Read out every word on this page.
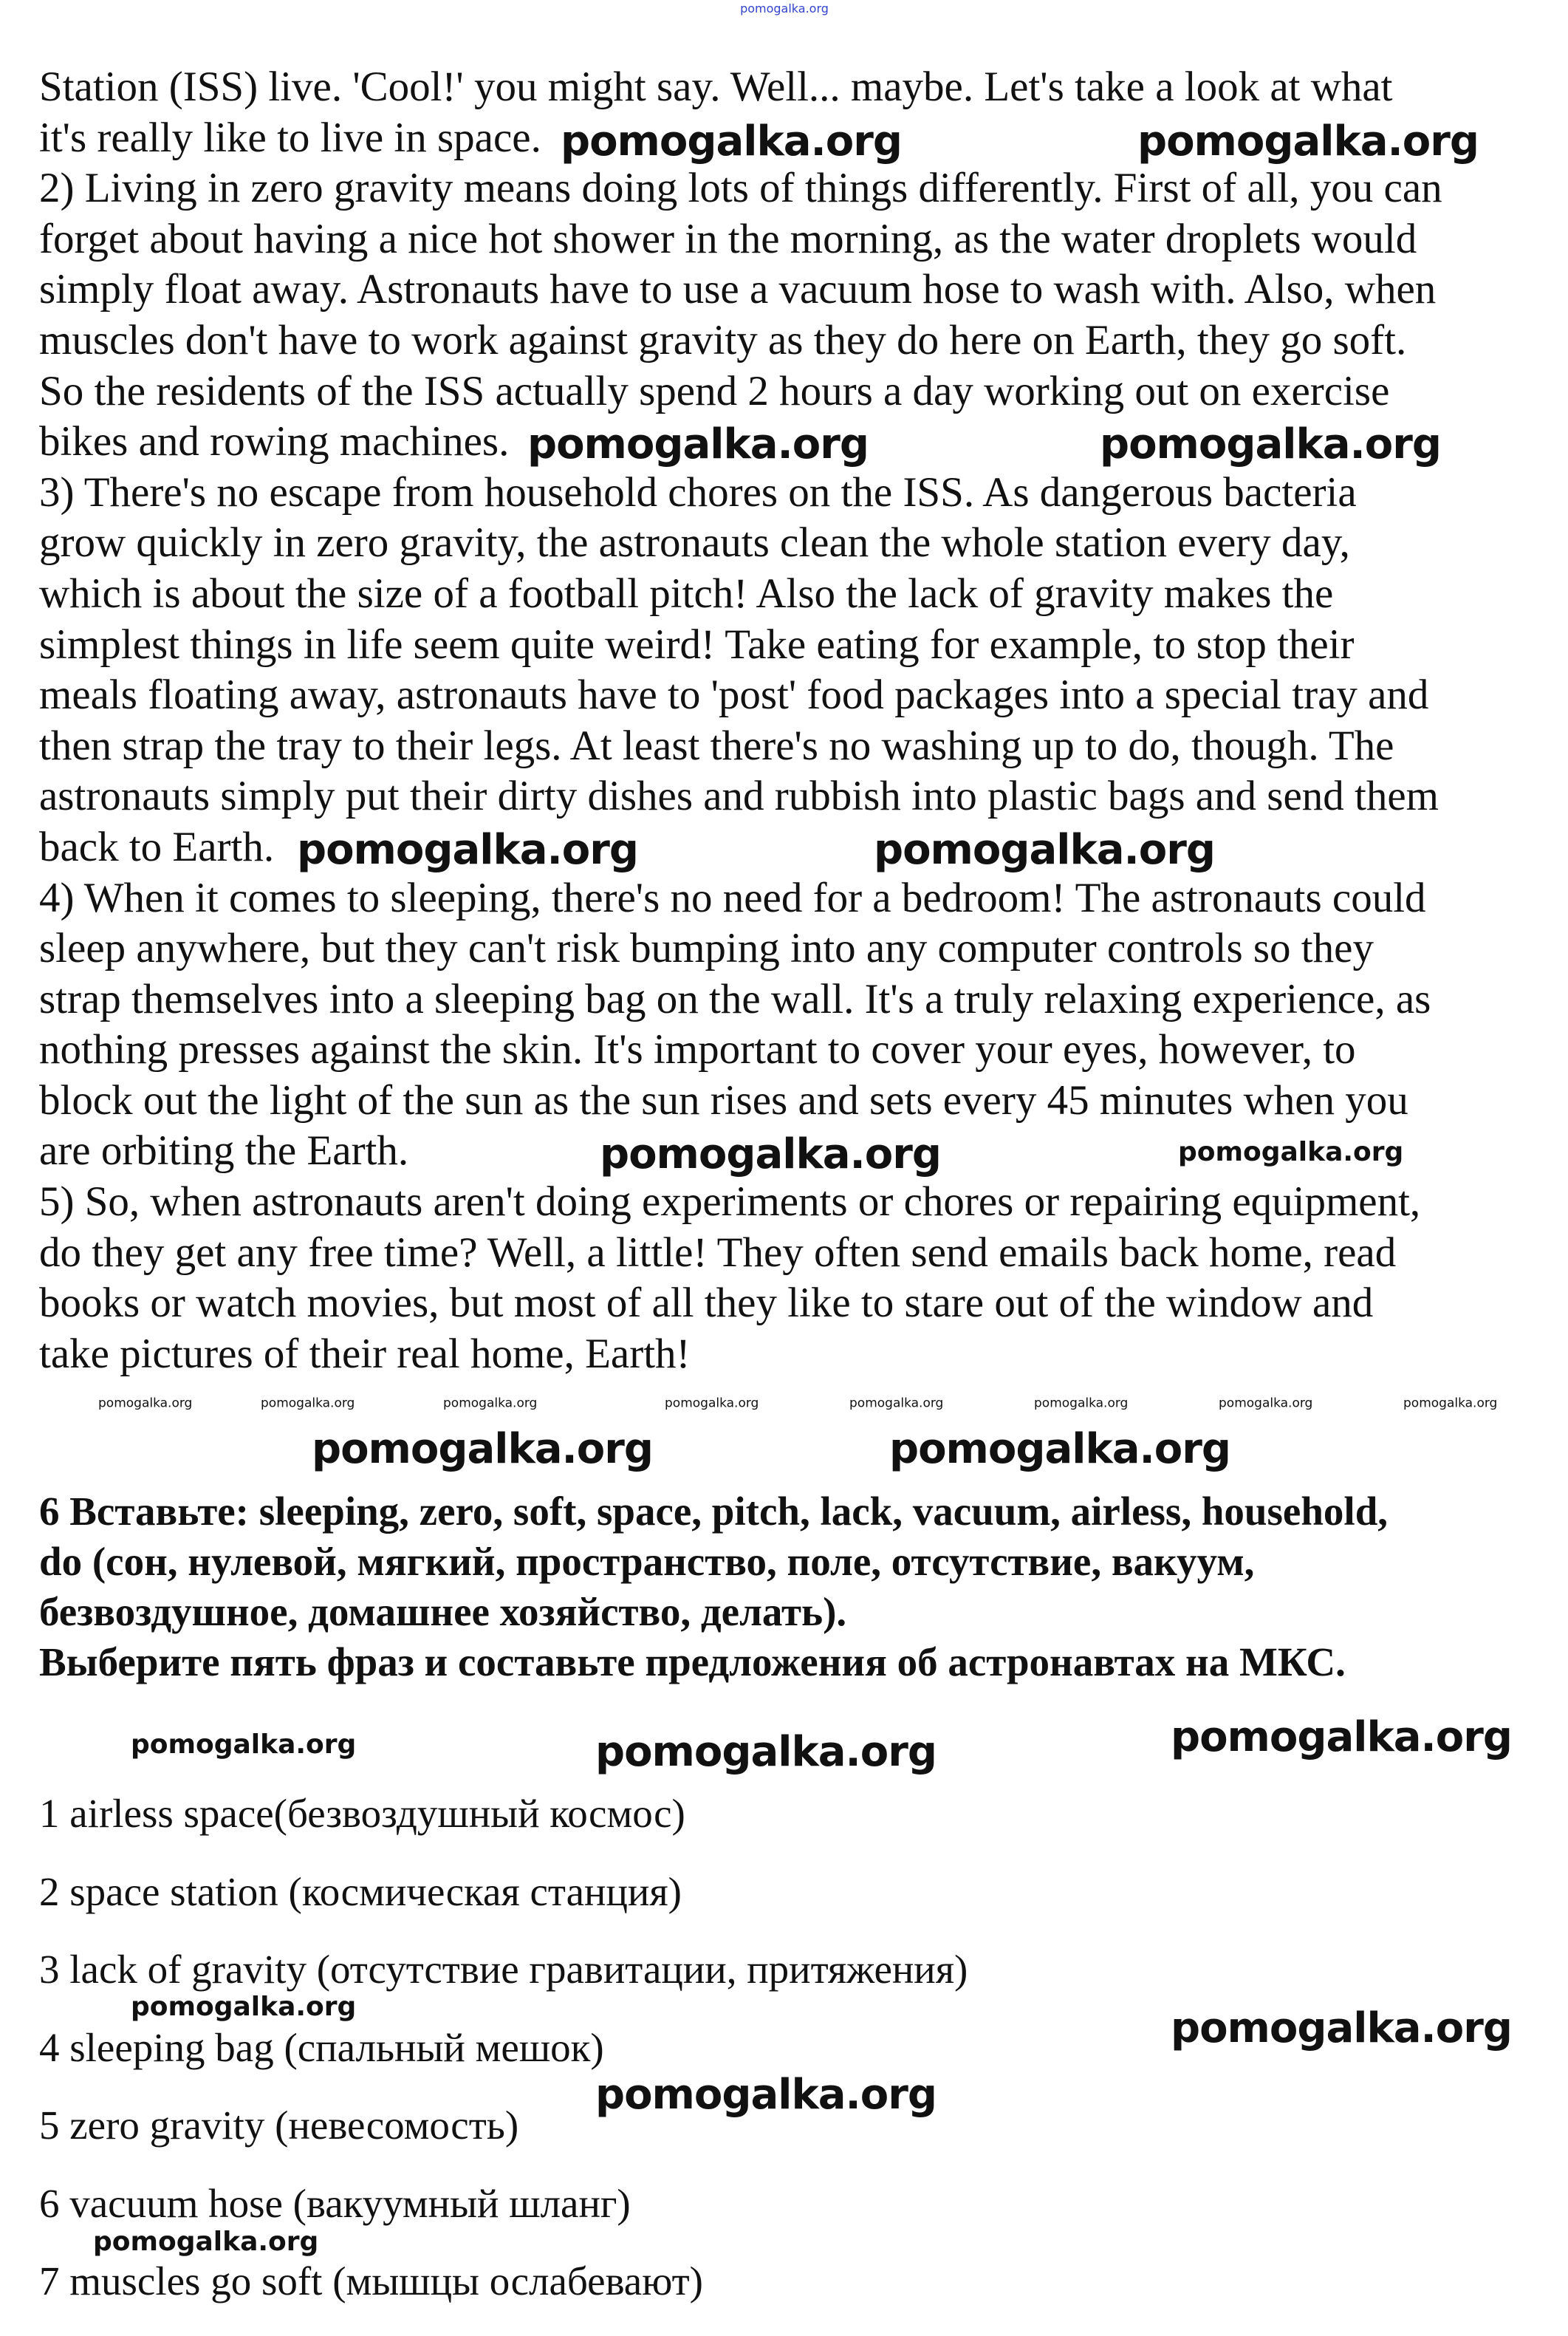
Station (ISS) live. 'Cool!' you might say. Well... maybe. Let's take a look at what
it's really like to live in space.
2) Living in zero gravity means doing lots of things differently. First of all, you can
forget about having a nice hot shower in the morning, as the water droplets would
simply float away. Astronauts have to use a vacuum hose to wash with. Also, when
muscles don't have to work against gravity as they do here on Earth, they go soft.
So the residents of the ISS actually spend 2 hours a day working out on exercise
bikes and rowing machines.
3) There's no escape from household chores on the ISS. As dangerous bacteria
grow quickly in zero gravity, the astronauts clean the whole station every day,
which is about the size of a football pitch! Also the lack of gravity makes the
simplest things in life seem quite weird! Take eating for example, to stop their
meals floating away, astronauts have to 'post' food packages into a special tray and
then strap the tray to their legs. At least there's no washing up to do, though. The
astronauts simply put their dirty dishes and rubbish into plastic bags and send them
back to Earth.
4) When it comes to sleeping, there's no need for a bedroom! The astronauts could
sleep anywhere, but they can't risk bumping into any computer controls so they
strap themselves into a sleeping bag on the wall. It's a truly relaxing experience, as
nothing presses against the skin. It's important to cover your eyes, however, to
block out the light of the sun as the sun rises and sets every 45 minutes when you
are orbiting the Earth.
5) So, when astronauts aren't doing experiments or chores or repairing equipment,
do they get any free time? Well, a little! They often send emails back home, read
books or watch movies, but most of all they like to stare out of the window and
take pictures of their real home, Earth!
6 Вставьте: sleeping, zero, soft, space, pitch, lack, vacuum, airless, household,
do (сон, нулевой, мягкий, пространство, поле, отсутствие, вакуум,
безвоздушное, домашнее хозяйство, делать).
Выберите пять фраз и составьте предложения об астронавтах на МКС.
1 airless space(безвоздушный космос)
2 space station (космическая станция)
3 lack of gravity (отсутствие гравитации, притяжения)
4 sleeping bag (спальный мешок)
5 zero gravity (невесомость)
6 vacuum hose (вакуумный шланг)
7 muscles go soft (мышцы ослабевают)
pomogalka.org
pomogalka.org	pomogalka.org
pomogalka.org	pomogalka.org
pomogalka.org	pomogalka.org
pomogalka.org
pomogalka.org	pomogalka.org
pomogalka.org	pomogalka.org
pomogalka.org
pomogalka.org
pomogalka.org
pomogalka.org
pomogalka.org
pomogalka.org
pomogalka.org	pomogalka.org	pomogalka.org	pomogalka.org	pomogalka.org	pomogalka.org	pomogalka.org	pomogalka.org
